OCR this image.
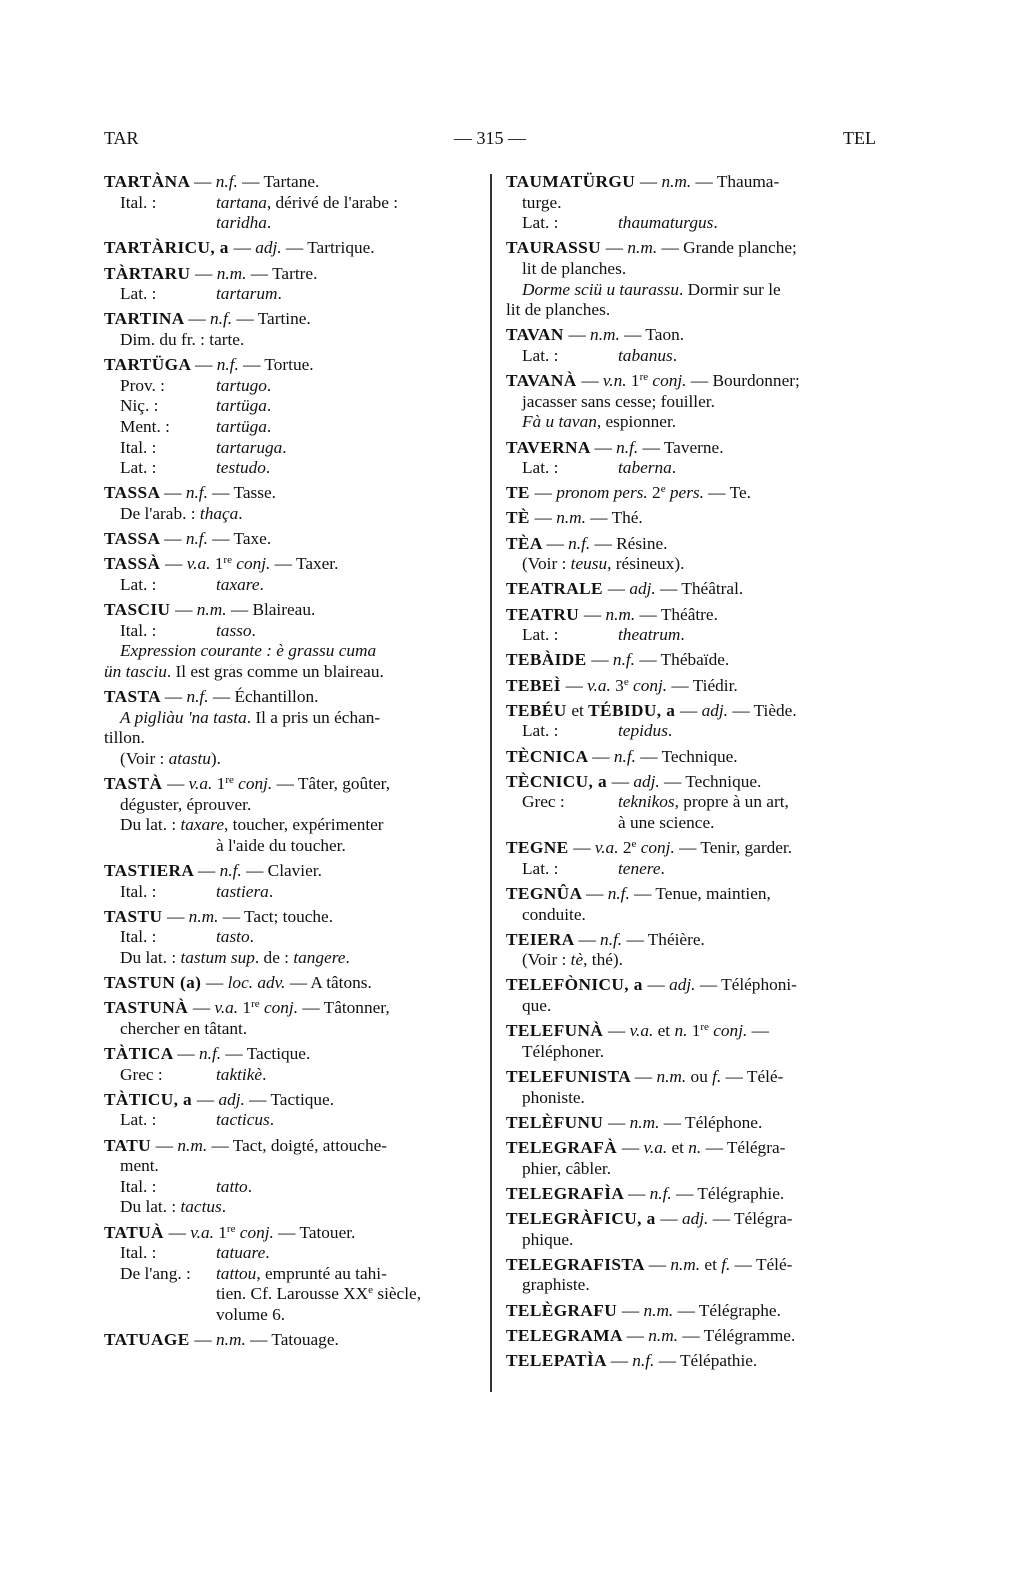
TAR	— 315 —	TEL
TARTÀNA — n.f. — Tartane.
Ital. :	tartana, dérivé de l'arabe :
taridha.
TARTÀRICU, a — adj. — Tartrique.
TÀRTARU — n.m. — Tartre.
Lat. :	tartarum.
TARTINA — n.f. — Tartine.
Dim. du fr. : tarte.
TARTÜGA — n.f. — Tortue.
Prov. :	tartugo.
Niç. :	tartüga.
Ment. :	tartüga.
Ital. :	tartaruga.
Lat. :	testudo.
TASSA — n.f. — Tasse.
De l'arab. : thaça.
TASSA — n.f. — Taxe.
TASSÀ — v.a. 1re conj. — Taxer.
Lat. :	taxare.
TASCIU — n.m. — Blaireau.
Ital. :	tasso.
Expression courante : è grassu cuma
ün tasciu. Il est gras comme un blaireau.
TASTA — n.f. — Échantillon.
A pigliàu 'na tasta. Il a pris un échan-
tillon.
(Voir : atastu).
TASTÀ — v.a. 1re conj. — Tâter, goûter,
déguster, éprouver.
Du lat. : taxare, toucher, expérimenter
à l'aide du toucher.
TASTIERA — n.f. — Clavier.
Ital. :	tastiera.
TASTU — n.m. — Tact; touche.
Ital. :	tasto.
Du lat. : tastum sup. de : tangere.
TASTUN (a) — loc. adv. — A tâtons.
TASTUNÀ — v.a. 1re conj. — Tâtonner,
chercher en tâtant.
TÀTICA — n.f. — Tactique.
Grec :	taktikè.
TÀTICU, a — adj. — Tactique.
Lat. :	tacticus.
TATU — n.m. — Tact, doigté, attouche-
ment.
Ital. :	tatto.
Du lat. : tactus.
TATUÀ — v.a. 1re conj. — Tatouer.
Ital. :	tatuare.
De l'ang. : tattou, emprunté au tahi-
tien. Cf. Larousse XXe siècle,
volume 6.
TATUAGE — n.m. — Tatouage.
TAUMATÜRGU — n.m. — Thauma-
turge.
Lat. :	thaumaturgus.
TAURASSU — n.m. — Grande planche;
lit de planches.
Dorme sciü u taurassu. Dormir sur le
lit de planches.
TAVAN — n.m. — Taon.
Lat. :	tabanus.
TAVANÀ — v.n. 1re conj. — Bourdonner;
jacasser sans cesse; fouiller.
Fà u tavan, espionner.
TAVERNA — n.f. — Taverne.
Lat. :	taberna.
TE — pronom pers. 2e pers. — Te.
TÈ — n.m. — Thé.
TÈA — n.f. — Résine.
(Voir : teusu, résineux).
TEATRALE — adj. — Théâtral.
TEATRU — n.m. — Théâtre.
Lat. :	theatrum.
TEBÀIDE — n.f. — Thébaïde.
TEBEÌ — v.a. 3e conj. — Tiédir.
TEBÉU et TÉBIDU, a — adj. — Tiède.
Lat. :	tepidus.
TÈCNICA — n.f. — Technique.
TÈCNICU, a — adj. — Technique.
Grec :	teknikos, propre à un art,
à une science.
TEGNE — v.a. 2e conj. — Tenir, garder.
Lat. :	tenere.
TEGNÛA — n.f. — Tenue, maintien,
conduite.
TEIERA — n.f. — Théière.
(Voir : tè, thé).
TELEFÒNICU, a — adj. — Téléphoni-
que.
TELEFUNÀ — v.a. et n. 1re conj. —
Téléphoner.
TELEFUNISTA — n.m. ou f. — Télé-
phoniste.
TELÈFUNU — n.m. — Téléphone.
TELEGRAFÀ — v.a. et n. — Télégra-
phier, câbler.
TELEGRAFÌA — n.f. — Télégraphie.
TELEGRÀFICU, a — adj. — Télégra-
phique.
TELEGRAFISTA — n.m. et f. — Télé-
graphiste.
TELÈGRAFU — n.m. — Télégraphe.
TELEGRAMA — n.m. — Télégramme.
TELEPATÌA — n.f. — Télépathie.
